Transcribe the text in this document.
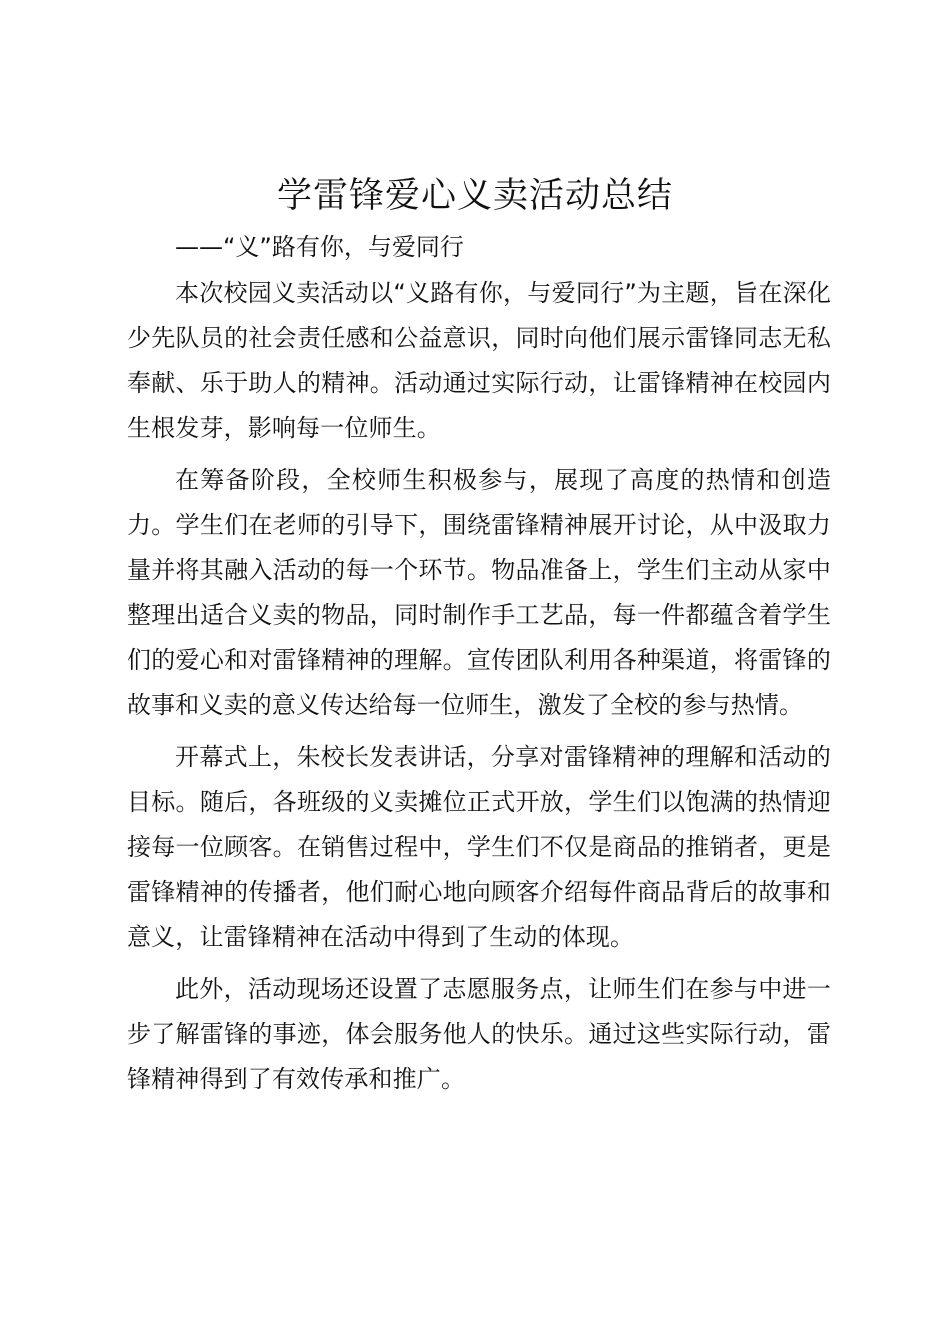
学雷锋爱心义卖活动总结
——“义”路有你，与爱同行

本次校园义卖活动以“义路有你，与爱同行”为主题，旨在深化少先队员的社会责任感和公益意识，同时向他们展示雷锋同志无私奉献、乐于助人的精神。活动通过实际行动，让雷锋精神在校园内生根发芽，影响每一位师生。

在筹备阶段，全校师生积极参与，展现了高度的热情和创造力。学生们在老师的引导下，围绕雷锋精神展开讨论，从中汲取力量并将其融入活动的每一个环节。物品准备上，学生们主动从家中整理出适合义卖的物品，同时制作手工艺品，每一件都蕴含着学生们的爱心和对雷锋精神的理解。宣传团队利用各种渠道，将雷锋的故事和义卖的意义传达给每一位师生，激发了全校的参与热情。

开幕式上，朱校长发表讲话，分享对雷锋精神的理解和活动的目标。随后，各班级的义卖摊位正式开放，学生们以饱满的热情迎接每一位顾客。在销售过程中，学生们不仅是商品的推销者，更是雷锋精神的传播者，他们耐心地向顾客介绍每件商品背后的故事和意义，让雷锋精神在活动中得到了生动的体现。

此外，活动现场还设置了志愿服务点，让师生们在参与中进一步了解雷锋的事迹，体会服务他人的快乐。通过这些实际行动，雷锋精神得到了有效传承和推广。
